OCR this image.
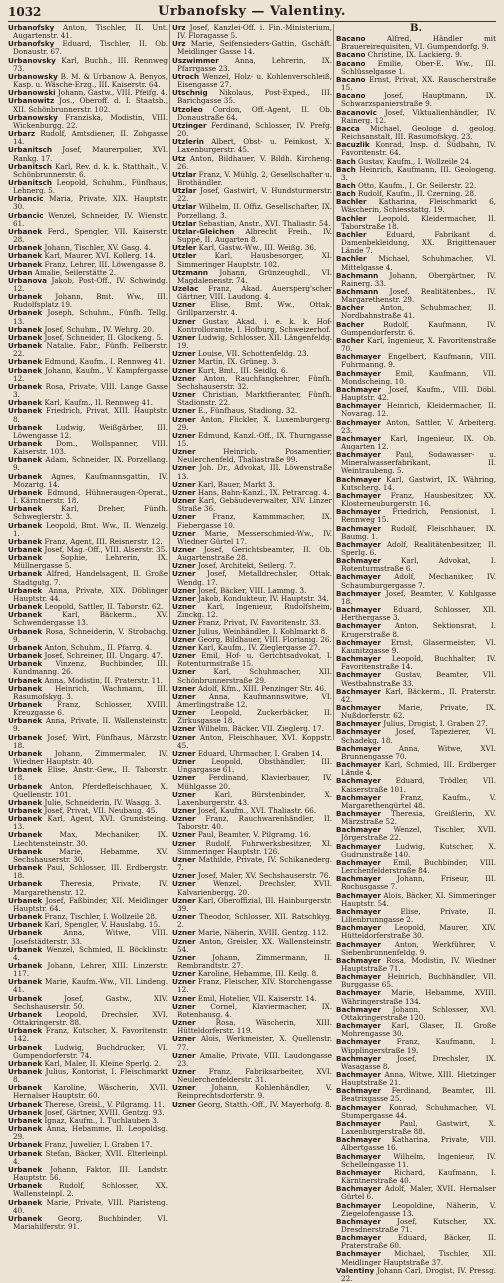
1032	Urbanofsky — Valentiny.

Urbanofsky Anton, Tischler, II. Unt. Augartenstr. 41.

Urbanofsky Eduard, Tischler, II. Ob. Donaustr. 67.

Urbanovsky Karl, Buchh., III. Rennweg 73.

Urbanowsky B. M. & Urbanow A. Benyos, Kasp. u. Wäsche-Erzg., III. Kaiserstr. 64.

Urbanowski Johann, Gastw., VIII. Pfeifg. 4.

Urbanowitz Jos., Oberoff. d. I. Staatsb., XII. Schönbrunnerstr. 102.

Urbanowsky Franziska, Modistin, VIII. Wickenburgg. 22.

Urbarz Rudolf, Amtsdiener, II. Zohgasse 14.

Urbanitsch Josef, Maurerpolier, XVI. Rankg. 17.

Urbanitsch Karl, Rev. d. k. k. Statthalt., V. Schönbrunnerstr. 6.

Urbanitsch Leopold, Schuhm., Fünfhaus, Lehnerg. 5.

Urbancic Maria, Private, XIX. Hauptstr. 30.

Urbancic Wenzel, Schneider, IV. Wienstr. 61.

Urbanek Ferd., Spengler, VII. Kaiserstr. 28.

Urbanek Johann, Tischler, XV. Gasg. 4.

Urbanek Karl, Maurer, XVI. Kollerg. 14.

Urbanek Franz, Lehrer, III. Löwengasse 8.

Urban Amalie, Seilerstätte 2.

Urbanova Jakob, Post-Off., IV. Schwindg. 12.

Urbanek Johann, Bmt. Ww., III. Rudolfsplatz 19.

Urbanek Joseph, Schuhm., Fünfh. Tellg. 13.

Urbanek Josef, Schuhm., IV. Wehrg. 20.

Urbanek Josef, Schneider, II. Glockeng. 5.

Urbanek Natalie, Fabr., Fünfh. Felberstr. 22.

Urbanek Edmund, Kaufm., I. Rennweg 41.

Urbanek Johann, Kaufm., V. Kampfergasse 12.

Urbanek Rosa, Private, VIII. Lange Gasse 3.

Urbanek Karl, Kaufm., II. Rennweg 41.

Urbanek Friedrich, Privat, XIII. Hauptstr. 8.

Urbanek Ludwig, Weißgärber, III. Löwengasse 12.

Urbanek Dom., Wollspanner, VIII. Kaiserstr. 103.

Urbanek Adam, Schneider, IX. Porzellang. 9.

Urbanek Agnes, Kaufmannsgattin, IV. Mozartg. 14.

Urbanek Edmund, Hühneraugen-Operat., I. Kärntnerstr. 18.

Urbanek Karl, Dreher, Fünfh. Schweglerstr. 3.

Urbanek Leopold, Bmt. Ww., II. Wenzelg. 1.

Urbanek Franz, Agent, III. Reisnerstr. 12.

Urbanek Josef, Mag.-Off., VIII. Alserstr. 35.

Urbanek Sophie, Lehrerin, IX. Müllnergasse 5.

Urbanek Alfred, Handelsagent, II. Große Stadtgutg. 7.

Urbanek Anna, Private, XIX. Döblinger Hauptstr. 44.

Urbanek Leopold, Sattler, II. Taborstr. 62.

Urbanek Karl, Bäckerm., XV. Schwendergasse 13.

Urbanek Rosa, Schneiderin, V. Strobachg. 9.

Urbanek Anton, Schuhm., II. Pfarrg. 4.

Urbanek Josef, Schreiner, III. Ungarg. 47.

Urbanek Vinzenz, Buchbinder, III. Kundmanng. 26.

Urbanek Anna, Modistin, II. Praterstr. 11.

Urbanek Heinrich, Wachmann, III. Rasumofskyg. 3.

Urbanek Franz, Schlosser, XVIII. Kreuzgasse 6.

Urbanek Anna, Private, II. Wallensteinstr. 9.

Urbanek Josef, Wirt, Fünfhaus, Märzstr. 18.

Urbanek Johann, Zimmermaler, IV. Wiedner Hauptstr. 40.

Urbanek Elise, Anstr.-Gew., II. Taborstr. 18.

Urbanek Anton, Pferdefleischhauer, X. Quellenstr. 101.

Urbanek Julie, Schneiderin, IV. Waagg. 3.

Urbanek Josef, Privat, VII. Neubaug. 45.

Urbanek Karl, Agent, XVI. Grundsteing. 13.

Urbanek Max, Mechaniker, IX. Liechtensteinstr. 30.

Urbanek Marie, Hebamme, XV. Sechshauserstr. 30.

Urbanek Paul, Schlosser, III. Erdbergstr. 18.

Urbanek Theresia, Private, IV. Margarethenstr. 12.

Urbanek Josef, Faßbinder, XII. Meidlinger Hauptstr. 64.

Urbanek Franz, Tischler, I. Wollzeile 28.

Urbanek Karl, Spengler, V. Hauslabg. 15.

Urbanek Anna, Witwe, VIII. Josefstädterstr. 33.

Urbanek Wenzel, Schmied, II. Böcklinstr. 4.

Urbanek Johann, Lehrer, XIII. Linzerstr. 117.

Urbanek Marie, Kaufm.-Ww., VII. Lindeng. 41.

Urbanek Josef, Gastw., XIV. Sechshauserstr. 50.

Urbanek Leopold, Drechsler, XVI. Ottakringerstr. 88.

Urbanek Franz, Kutscher, X. Favoritenstr. 142.

Urbanek Ludwig, Buchdrucker, VI. Gumpendorferstr. 74.

Urbanek Karl, Maler, II. Kleine Sperlg. 2.

Urbanek Julius, Kontorist, I. Fleischmarkt 8.

Urbanek Karoline, Wäscherin, XVII. Hernalser Hauptstr. 60.

Urbanek Therese, Greisl., V. Pilgramg. 11.

Urbanek Josef, Gärtner, XVIII. Gentzg. 93.

Urbanek Ignaz, Kaufm., I. Tuchlauben 3.

Urbanek Anna, Hebamme, II. Leopoldsg. 29.

Urbanek Franz, Juwelier, I. Graben 17.

Urbanek Stefan, Bäcker, XVII. Elterleinpl. 4.

Urbanek Johann, Faktor, III. Landstr. Hauptstr. 56.

Urbanek Rudolf, Schlosser, XX. Wallensteinpl. 2.

Urbanek Marie, Private, VIII. Piaristeng. 40.

Urbanek Georg, Buchbinder, VI. Mariahilferstr. 91.

Urz Josef, Kanzlei-Off. i. Fin.-Ministerium, IV. Floragasse 5.

Urz Marie, Seifensieders-Gattin, Gschäft. Meidlinger Gasse 14.

Uszwimmer Anna, Lehrerin, IX. Pfarrgasse 23.

Utroch Wenzel, Holz- u. Kohlenverschleiß, Eisengasse 27.

Utschnig Nikolaus, Post-Exped., III. Barichgasse 35.

Utzoleo Cordon, Off.-Agent, II. Ob. Donaustraße 64.

Utzinger Ferdinand, Schlosser, IV. Prefg. 20.

Utzlerin Albert, Obst- u. Feinkost, X. Laxenburgerstr. 45.

Utz Anton, Bildhauer, V. Bildh. Kircheng. 26.

Utzlar Franz, V. Mühlg. 2, Gesellschafter u. Brothändler.

Utzlar Josef, Gastwirt, V. Hundsturmerstr. 22.

Utzlar Wilhelm, II. Offiz. Gesellschafter, IX. Porzellang. 3.

Utzlar Sebastian, Anstr., XVI. Thaliastr. 54.

Utzlar-Gleichen Albrecht Freih., IV. Suppé, II. Augarten 8.

Utzler Karl, Gastw.-Ww., III. Weißg. 36.

Utzler Karl, Hausbesorger, XI. Simmeringer Hauptstr. 102.

Utzmann Johann, Grünzeughdl., VI. Magdalenenstr. 74.

Uzelac Franz, Akad. Auersperg'scher Gärtner, VIII. Laudong. 4.

Uzner Elise, Bmt. Ww., Ottak. Grillparzerstr. 4.

Uzner Gustav, Akad. i. e. k. k. Hof-Kontrolloramte, I. Hofburg, Schweizerhof.

Uzner Ludwig, Schlosser, XII. Längenfeldg. 19.

Uzner Louise, VII. Schottenfeldg. 23.

Uzner Martin, IX. Grüneg. 3.

Uzner Kurt, Bmt., III. Seidlg. 6.

Uzner Anton, Rauchfangkehrer, Fünfh. Sechshauserstr. 32.

Uzner Christian, Marktfieranter, Fünfh. Stadionstr. 22.

Uzner E., Fünfhaus, Stadiong. 32.

Uzner Anton, Flickler, X. Luxemburgerg. 29.

Uzner Edmund, Kanzl.-Off., IX. Thurngasse 15.

Uzner Heinrich, Posamentier, Neulerchenfeld, Thaliastraße 99.

Uzner Joh. Dr., Advokat, III. Löwenstraße 13.

Uzner Karl, Bauer, Markt 3.

Uzner Hans, Bahn-Kanzl., IX. Petrarcag. 4.

Uzner Karl, Gebäudeverwalter, XIV. Linzer Straße 36.

Uzner Franz, Kammmacher, IX. Fiebergasse 10.

Uzner Marie, Messerschmied-Ww., IV. Wiedner Gürtel 17.

Uzner Josef, Gerichtsbeamter, II. Ob. Augartenstraße 28.

Uzner Josef, Architekt, Seilerg. 7.

Uzner Josef, Metalldrechsler, Ottak. Wendg. 17.

Uzner Josef, Bäcker, VIII. Lammg. 3.

Uzner Jakob, Kondukteur, IV. Hauptstr. 34.

Uzner Karl, Ingenieur, Rudolfsheim, Zinckg. 12.

Uzner Franz, Privat, IV. Favoritenstr. 33.

Uzner Julius, Weinhändler, I. Kohlmarkt 8.

Uzner Georg, Bildhauer, VIII. Florianig. 26.

Uzner Karl, Kaufm., IV. Zieglergasse 27.

Uzner Emil, Hof- u. Gerichtsadvokat, I. Rotenturmstraße 15.

Uzner Karl, Schuhmacher, XII. Schönbrunnerstraße 29.

Uzner Adolf, Kfm., XIII. Penzinger Str. 46.

Uzner Anna, Kaufmannswitwe, VI. Amerlingstraße 12.

Uzner Leopold, Zuckerbäcker, II. Zirkusgasse 18.

Uzner Wilhelm, Bäcker, VII. Zieglerg. 17.

Uzner Anton, Fleischhauer, XVI. Koppstr. 45.

Uzner Eduard, Uhrmacher, I. Graben 14.

Uzner Leopold, Obsthändler, III. Ungargasse 61.

Uzner Ferdinand, Klavierbauer, IV. Mühlgasse 20.

Uzner Karl, Bürstenbinder, X. Laxenburgerstr. 43.

Uzner Josef, Kaufm., XVI. Thaliastr. 66.

Uzner Franz, Rauchwarenhändler, II. Taborstr. 40.

Uzner Paul, Beamter, V. Pilgramg. 16.

Uzner Rudolf, Fuhrwerksbesitzer, XI. Simmeringer Hauptstr. 126.

Uzner Mathilde, Private, IV. Schikanederg. 7.

Uzner Josef, Maler, XV. Sechshauserstr. 76.

Uzner Wenzel, Drechsler, XVII. Kalvarienbergg. 20.

Uzner Karl, Oberoffizial, III. Hainburgerstr. 39.

Uzner Theodor, Schlosser, XII. Ratschkyg. 2.

Uzner Marie, Näherin, XVIII. Gentzg. 112.

Uzner Anton, Greisler, XX. Wallensteinstr. 54.

Uzner Johann, Zimmermann, II. Rembrandtstr. 27.

Uzner Karoline, Hebamme, III. Keilg. 8.

Uzner Franz, Fleischer, XIV. Storchengasse 12.

Uzner Emil, Hotelier, VII. Kaiserstr. 14.

Uzner Cornel, Klaviermacher, IX. Rotenhausg. 4.

Uzner Rosa, Wäscherin, XIII. Hütteldorferstr. 119.

Uzner Alois, Werkmeister, X. Quellenstr. 77.

Uzner Amalie, Private, VIII. Laudongasse 23.

Uzner Franz, Fabriksarbeiter, XVI. Neulerchenfelderstr. 31.

Uzner Johann, Kohlenhändler, V. Reinprechtsdorferstr. 9.

Uzner Georg, Statth.-Off., IV. Mayerhofg. 8.

B.

Bacano Alfred, Händler mit Brauereirequisiten, VI. Gumpendorfg. 9.

Bacano Christine, IX. Lackierg. 9.

Bacano Emilie, Ober-E. Ww., III. Schlüsselgasse 1.

Bacano Ernst, Privat, XX. Rauscherstraße 15.

Bacano Josef, Hauptmann, IX. Schwarzspanierstraße 9.

Bacanovic Josef, Viktualienhändler, IV. Rainerg. 12.

Bacca Michael, Geologe d. geolog. Reichsanstalt, III. Rasumofskyg. 23.

Bacuzlik Konrad, Insp. d. Südbahn, IV. Favoritenstr. 64.

Bach Gustav, Kaufm., I. Wollzeile 24.

Bach Heinrich, Kaufmann, III. Geologeng. 3.

Bach Otto, Kaufm., I. Gr. Seilerstr. 22.

Bach Rudolf, Kaufm., II. Czerning. 28.

Bachler Katharina, Fleischmarkt 6, Wäscherin, Schiesstattg. 19.

Bachler Leopold, Kleidermacher, II. Taborstraße 18.

Bachler Eduard, Fabrikant d. Damenbekleidung, XX. Brigittenauer Lände 7.

Bachler Michael, Schuhmacher, VI. Mittelgasse 4.

Bachmann Johann, Obergärtner, IV. Rainerg. 33.

Bachmann Josef, Realitätenbes., IV. Margarethenstr. 29.

Bacher Anton, Schuhmacher, II. Nordbahnstraße 41.

Bacher Rudolf, Kaufmann, IV. Gumpendorferstr. 6.

Bacher Karl, Ingenieur, X. Favoritenstraße 70.

Bachmayer Engelbert, Kaufmann, VIII. Fuhrmanng. 9.

Bachmayer Emil, Kaufmann, VII. Mondscheing. 10.

Bachmayer Josef, Kaufm., VIII. Döbl. Hauptstr. 42.

Bachmayer Heinrich, Kleidermacher, II. Novarag. 12.

Bachmayer Anton, Sattler, V. Arbeiterg. 23.

Bachmayer Karl, Ingenieur, IX. Ob. Augarten 12.

Bachmayer Paul, Sodawasser- u. Mineralwasserfabrikant, II. Weintraubeng. 5.

Bachmayer Karl, Gastwirt, IX. Währing, Kutscherg. 14.

Bachmayer Franz, Hausbesitzer, XX. Klosterneuburgerstr. 16.

Bachmayer Friedrich, Pensionist, I. Rennweg 15.

Bachmayer Rudolf, Fleischhauer, IX. Baumg. 1.

Bachmayer Adolf, Realitätenbesitzer, II. Sperlg. 6.

Bachmayer Karl, Advokat, I. Rotenturmstraße 6.

Bachmayer Adolf, Mechaniker, IV. Schaumburgergasse 7.

Bachmayer Josef, Beamter, V. Kohlgasse 18.

Bachmayer Eduard, Schlosser, XII. Herthergasse 3.

Bachmayer Anton, Sektionsrat, I. Krugerstraße 8.

Bachmayer Ernst, Glasermeister, VI. Kaunitzgasse 9.

Bachmayer Leopold, Buchhalter, IV. Favoritenstraße 14.

Bachmayer Gustav, Beamter, VII. Westbahnstraße 33.

Bachmayer Karl, Bäckerm., II. Praterstr. 42.

Bachmayer Marie, Private, IX. Nußdorferstr. 62.

Bachmayer Julius, Drogist, I. Graben 27.

Bachmayer Josef, Tapezierer, VI. Schadekg. 18.

Bachmayer Anna, Witwe, XVI. Brunnengasse 70.

Bachmayer Karl, Schmied, III. Erdberger Lände 4.

Bachmayer Eduard, Trödler, VII. Kaiserstraße 101.

Bachmayer Franz, Kaufm., V. Margarethengürtel 48.

Bachmayer Theresia, Greißlerin, XV. Märzstraße 52.

Bachmayer Wenzel, Tischler, XVII. Jörgerstraße 22.

Bachmayer Ludwig, Kutscher, X. Gudrunstraße 140.

Bachmayer Emil, Buchbinder, VIII. Lerchenfelderstraße 84.

Bachmayer Johann, Friseur, III. Rochusgasse 7.

Bachmayer Alois, Bäcker, XI. Simmeringer Hauptstr. 54.

Bachmayer Elise, Private, II. Lilienbrunngasse 2.

Bachmayer Leopold, Maurer, XIV. Hütteldorferstraße 30.

Bachmayer Anton, Werkführer, V. Siebenbrunnenfeldg. 9.

Bachmayer Rosa, Modistin, IV. Wiedner Hauptstraße 71.

Bachmayer Heinrich, Buchhändler, VII. Burggasse 65.

Bachmayer Marie, Hebamme, XVIII. Währingerstraße 134.

Bachmayer Johann, Schlosser, XVI. Ottakringerstraße 120.

Bachmayer Karl, Glaser, II. Große Mohrengasse 30.

Bachmayer Franz, Kaufmann, I. Wipplingerstraße 19.

Bachmayer Josef, Drechsler, IX. Wasagasse 8.

Bachmayer Anna, Witwe, XIII. Hietzinger Hauptstraße 21.

Bachmayer Ferdinand, Beamter, III. Beatrixgasse 25.

Bachmayer Konrad, Schuhmacher, VI. Stumpergasse 44.

Bachmayer Paul, Gastwirt, X. Laxenburgerstraße 88.

Bachmayer Katharina, Private, VIII. Albertgasse 16.

Bachmayer Wilhelm, Ingenieur, IV. Schelleingasse 11.

Bachmayer Richard, Kaufmann, I. Kärntnerstraße 40.

Bachmayer Adolf, Maler, XVII. Hernalser Gürtel 6.

Bachmayer Leopoldine, Näherin, V. Ziegelofengasse 13.

Bachmayer Josef, Kutscher, XX. Dresdnerstraße 71.

Bachmayer Eduard, Bäcker, II. Praterstraße 60.

Bachmayer Michael, Tischler, XII. Meidlinger Hauptstraße 37.

Valentiny Johann Carl, Drogist, IV. Pressg. 22.
